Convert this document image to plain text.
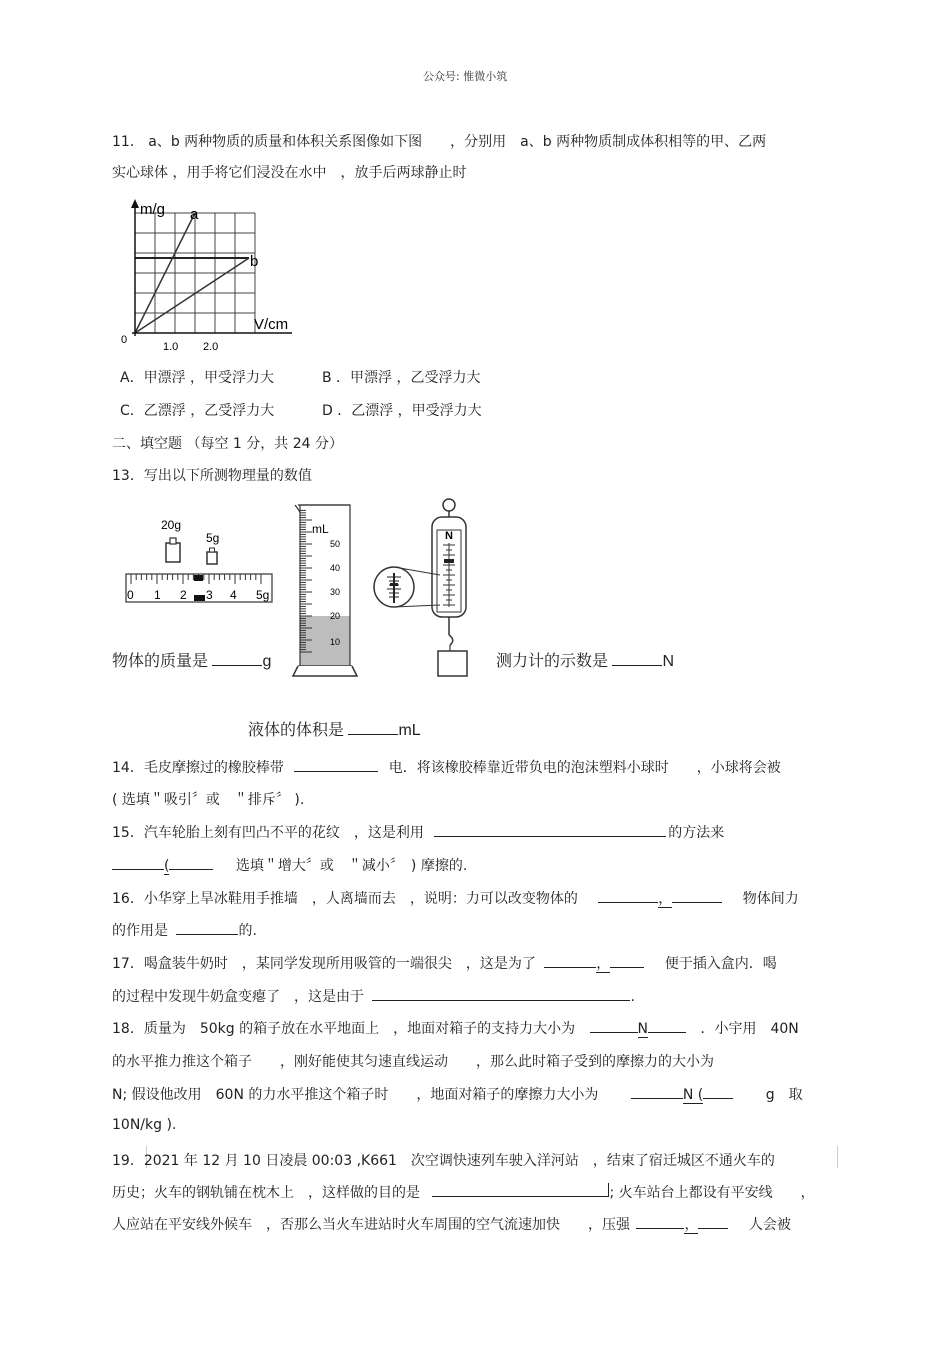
公众号: 惟微小筑
11． a、b 两种物质的质量和体积关系图像如下图　　，分别用　a、b 两种物质制成体积相等的甲、乙两
实心球体 ，用手将它们浸没在水中　，放手后两球静止时
m/g a
b
V/cm
0
1.0 2.0
A．甲漂浮 ，甲受浮力大	B ．甲漂浮 ，乙受浮力大
C．乙漂浮 ，乙受浮力大	D ．乙漂浮 ，甲受浮力大
二、填空题 （每空 1 分，共 24 分）
13．写出以下所测物理量的数值
20g
5g
0 1 2 3 4 5g
mL
50
40
30
20
10
N
物体的质量是	g	测力计的示数是	N
液体的体积是	mL
14．毛皮摩擦过的橡胶棒带	电．将该橡胶棒靠近带负电的泡沫塑料小球时　　，小球将会被
( 选填＂吸引〞或　＂排斥〞 ).
15．汽车轮胎上刻有凹凸不平的花纹　，这是利用	的方法来
(	选填＂增大〞或　＂减小〞　) 摩擦的.
16．小华穿上旱冰鞋用手推墙　，人离墙而去　，说明：力可以改变物体的	，	物体间力
的作用是	的.
17．喝盒装牛奶时　，某同学发现所用吸管的一端很尖　，这是为了	，	便于插入盒内．喝
的过程中发现牛奶盒变瘪了　，这是由于	.
18．质量为　50kg 的箱子放在水平地面上　，地面对箱子的支持力大小为	N	．小宇用　40N
的水平推力推这个箱子　　，刚好能使其匀速直线运动　　，那么此时箱子受到的摩擦力的大小为
N; 假设他改用　60N 的力水平推这个箱子时　　，地面对箱子的摩擦力大小为	N (	g　取
10N/kg ).
19．2021 年 12 月 10 日凌晨 00:03 ,K661　次空调快速列车驶入洋河站　，结束了宿迁城区不通火车的
历史；火车的钢轨铺在枕木上　，这样做的目的是	; 火车站台上都设有平安线　　，
人应站在平安线外候车　，否那么当火车进站时火车周围的空气流速加快　　，压强	，	人会被
